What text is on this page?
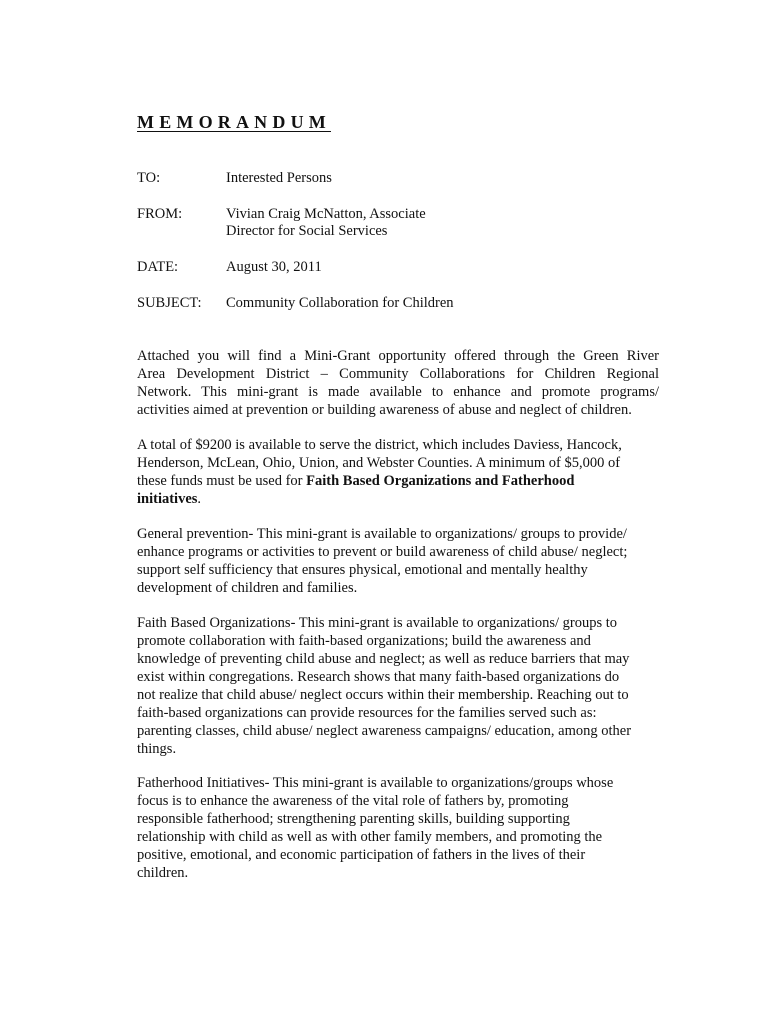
MEMORANDUM
TO:	Interested Persons
FROM:	Vivian Craig McNatton, Associate
Director for Social Services
DATE:	August 30, 2011
SUBJECT: Community Collaboration for Children
Attached you will find a Mini-Grant opportunity offered through the Green River
Area Development District – Community Collaborations for Children Regional
Network. This mini-grant is made available to enhance and promote programs/
activities aimed at prevention or building awareness of abuse and neglect of children.
A total of $9200 is available to serve the district, which includes Daviess, Hancock,
Henderson, McLean, Ohio, Union, and Webster Counties. A minimum of $5,000 of
these funds must be used for Faith Based Organizations and Fatherhood
initiatives.
General prevention- This mini-grant is available to organizations/ groups to provide/
enhance programs or activities to prevent or build awareness of child abuse/ neglect;
support self sufficiency that ensures physical, emotional and mentally healthy
development of children and families.
Faith Based Organizations- This mini-grant is available to organizations/ groups to
promote collaboration with faith-based organizations; build the awareness and
knowledge of preventing child abuse and neglect; as well as reduce barriers that may
exist within congregations. Research shows that many faith-based organizations do
not realize that child abuse/ neglect occurs within their membership. Reaching out to
faith-based organizations can provide resources for the families served such as:
parenting classes, child abuse/ neglect awareness campaigns/ education, among other
things.
Fatherhood Initiatives- This mini-grant is available to organizations/groups whose
focus is to enhance the awareness of the vital role of fathers by, promoting
responsible fatherhood; strengthening parenting skills, building supporting
relationship with child as well as with other family members, and promoting the
positive, emotional, and economic participation of fathers in the lives of their
children.
